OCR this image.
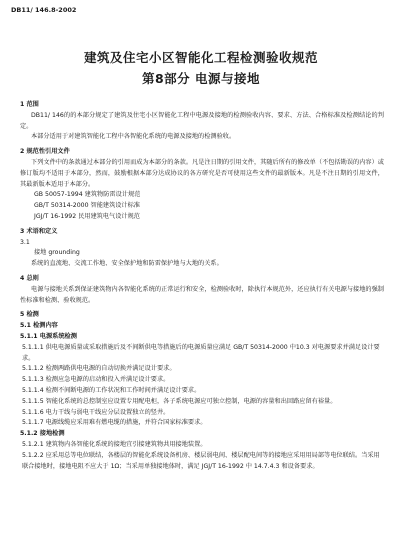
DB11/ 146.8-2002
建筑及住宅小区智能化工程检测验收规范
第8部分 电源与接地
1 范围
DB11/ 146的的本部分规定了建筑及住宅小区智能化工程中电源及接地的检测验收内容、要求、方法、合格标准及检测结论的判定。
本部分适用于对建筑智能化工程中各智能化系统的电源及接地的检测验收。
2 规范性引用文件
下列文件中的条款通过本部分的引用而成为本部分的条款。凡是注日期的引用文件，其随后所有的修改单（不包括勘误的内容）或修订版均不适用于本部分，然而，鼓励根据本部分达成协议的各方研究是否可使用这些文件的最新版本。凡是不注日期的引用文件，其最新版本适用于本部分。
GB 50057-1994 建筑物防雷设计规范
GB/T 50314-2000 智能建筑设计标准
JGJ/T 16-1992 民用建筑电气设计规范
3 术语和定义
3.1
接地 grounding
系统的直流地、交流工作地、安全保护地和防雷保护地与大地的关系。
4 总则
电源与接地关系到保证建筑物内各智能化系统的正常运行和安全，检测验收时，除执行本规范外，还应执行有关电源与接地的强制性标准和检测、验收规范。
5 检测
5.1 检测内容
5.1.1 电源系统检测
5.1.1.1 供电电源质量或采取措施后及不间断供电等措施后的电源质量应满足 GB/T 50314-2000 中10.3 对电源要求并满足设计要求。
5.1.1.2 检测两路供电电源的自动切换并满足设计要求。
5.1.1.3 检测应急电源的启动和投入并满足设计要求。
5.1.1.4 检测不间断电源的工作状况和工作时间并满足设计要求。
5.1.1.5 智能化系统的总控制室应设置专用配电柜，各子系统电源应可独立控制，电源的容量和出回路应留有裕量。
5.1.1.6 电力干线与弱电干线应分层设置独立的竖井。
5.1.1.7 电源线缆应采用难有燃电缆的措施，并符合国家标准要求。
5.1.2 接地检测
5.1.2.1 建筑物内各智能化系统的接地宜引接建筑物共用接地装置。
5.1.2.2 应采用总等电位联结，各楼层的智能化系统设备机房、楼层弱电间、楼层配电间等的接地应采用用局部等电位联结。当采用联合接地时，接地电阻不应大于 1Ω；当采用单独接地体时，满足 JGJ/T 16-1992 中 14.7.4.3 和设备要求。
